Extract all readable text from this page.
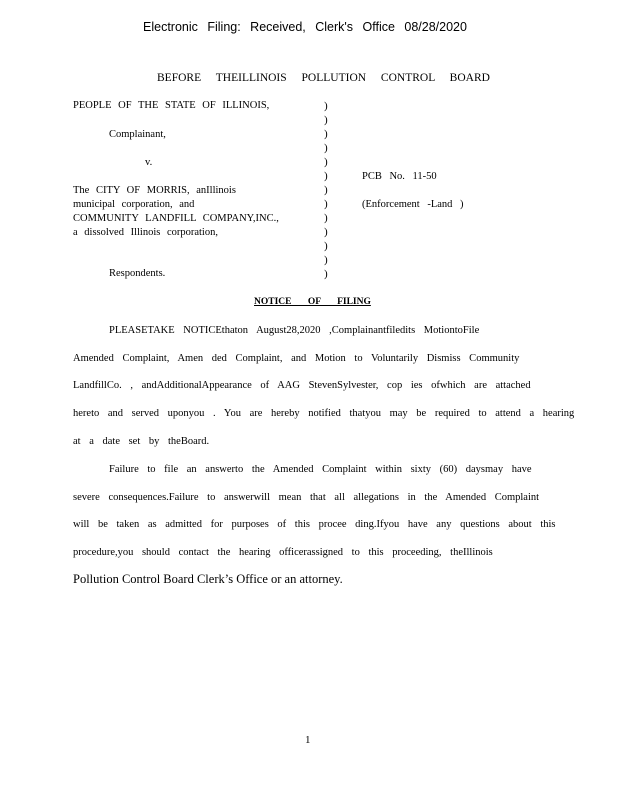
Electronic Filing: Received, Clerk's Office 08/28/2020
BEFORE THEILLINOIS POLLUTION CONTROL BOARD
PEOPLE OF THE STATE OF ILLINOIS,
Complainant,
v.
The CITY OF MORRIS, anIllinois
municipal corporation, and
COMMUNITY LANDFILL COMPANY,INC.,
a dissolved Illinois corporation,
Respondents.
)
)
)
)
)
)
)
)
)
)
)
)
)
PCB No. 11-50
(Enforcement -Land )
NOTICE OF FILING
PLEASETAKE NOTICEthaton August28,2020 ,Complainantfiledits MotiontoFile
Amended Complaint, Amen ded Complaint, and Motion to Voluntarily Dismiss Community
LandfillCo. , andAdditionalAppearance of AAG StevenSylvester, cop ies ofwhich are attached
hereto and served uponyou . You are hereby notified thatyou may be required to attend a hearing
at a date set by theBoard.
Failure to file an answerto the Amended Complaint within sixty (60) daysmay have
severe consequences.Failure to answerwill mean that all allegations in the Amended Complaint
will be taken as admitted for purposes of this procee ding.Ifyou have any questions about this
procedure,you should contact the hearing officerassigned to this proceeding, theIllinois
Pollution Control Board Clerk’s Office or an attorney.
1
